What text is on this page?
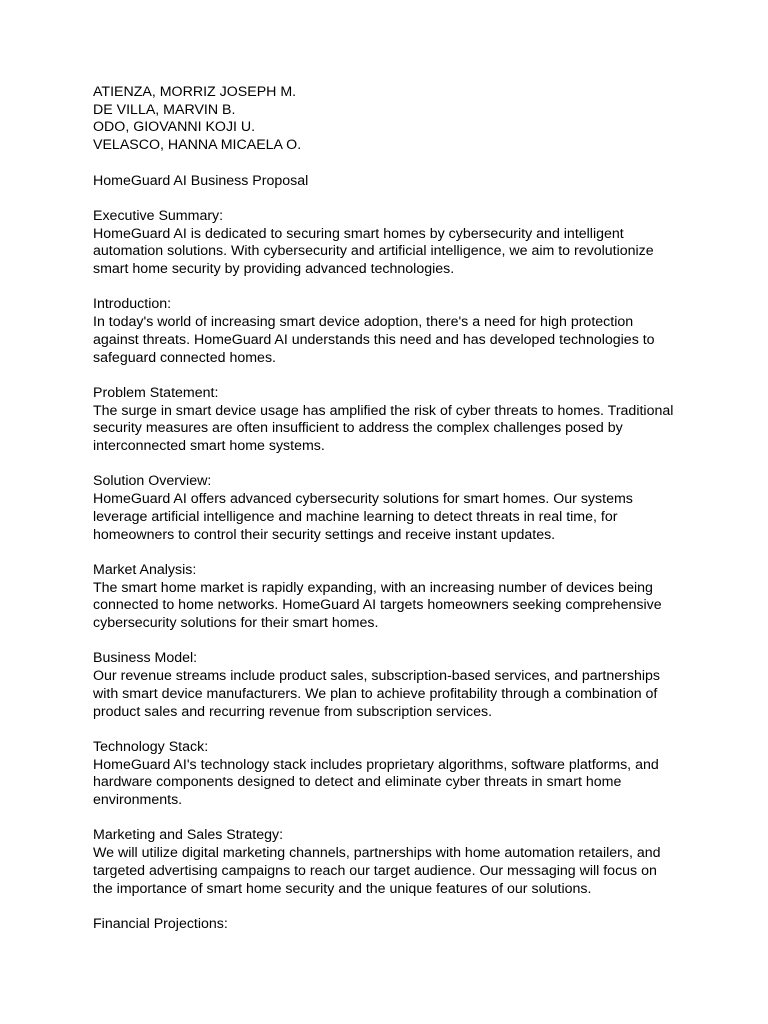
ATIENZA, MORRIZ JOSEPH M.
DE VILLA, MARVIN B.
ODO, GIOVANNI KOJI U.
VELASCO, HANNA MICAELA O.
HomeGuard AI Business Proposal
Executive Summary:
HomeGuard AI is dedicated to securing smart homes by cybersecurity and intelligent
automation solutions. With cybersecurity and artificial intelligence, we aim to revolutionize
smart home security by providing advanced technologies.
Introduction:
In today's world of increasing smart device adoption, there's a need for high protection
against threats. HomeGuard AI understands this need and has developed technologies to
safeguard connected homes.
Problem Statement:
The surge in smart device usage has amplified the risk of cyber threats to homes. Traditional
security measures are often insufficient to address the complex challenges posed by
interconnected smart home systems.
Solution Overview:
HomeGuard AI offers advanced cybersecurity solutions for smart homes. Our systems
leverage artificial intelligence and machine learning to detect threats in real time, for
homeowners to control their security settings and receive instant updates.
Market Analysis:
The smart home market is rapidly expanding, with an increasing number of devices being
connected to home networks. HomeGuard AI targets homeowners seeking comprehensive
cybersecurity solutions for their smart homes.
Business Model:
Our revenue streams include product sales, subscription-based services, and partnerships
with smart device manufacturers. We plan to achieve profitability through a combination of
product sales and recurring revenue from subscription services.
Technology Stack:
HomeGuard AI's technology stack includes proprietary algorithms, software platforms, and
hardware components designed to detect and eliminate cyber threats in smart home
environments.
Marketing and Sales Strategy:
We will utilize digital marketing channels, partnerships with home automation retailers, and
targeted advertising campaigns to reach our target audience. Our messaging will focus on
the importance of smart home security and the unique features of our solutions.
Financial Projections:
